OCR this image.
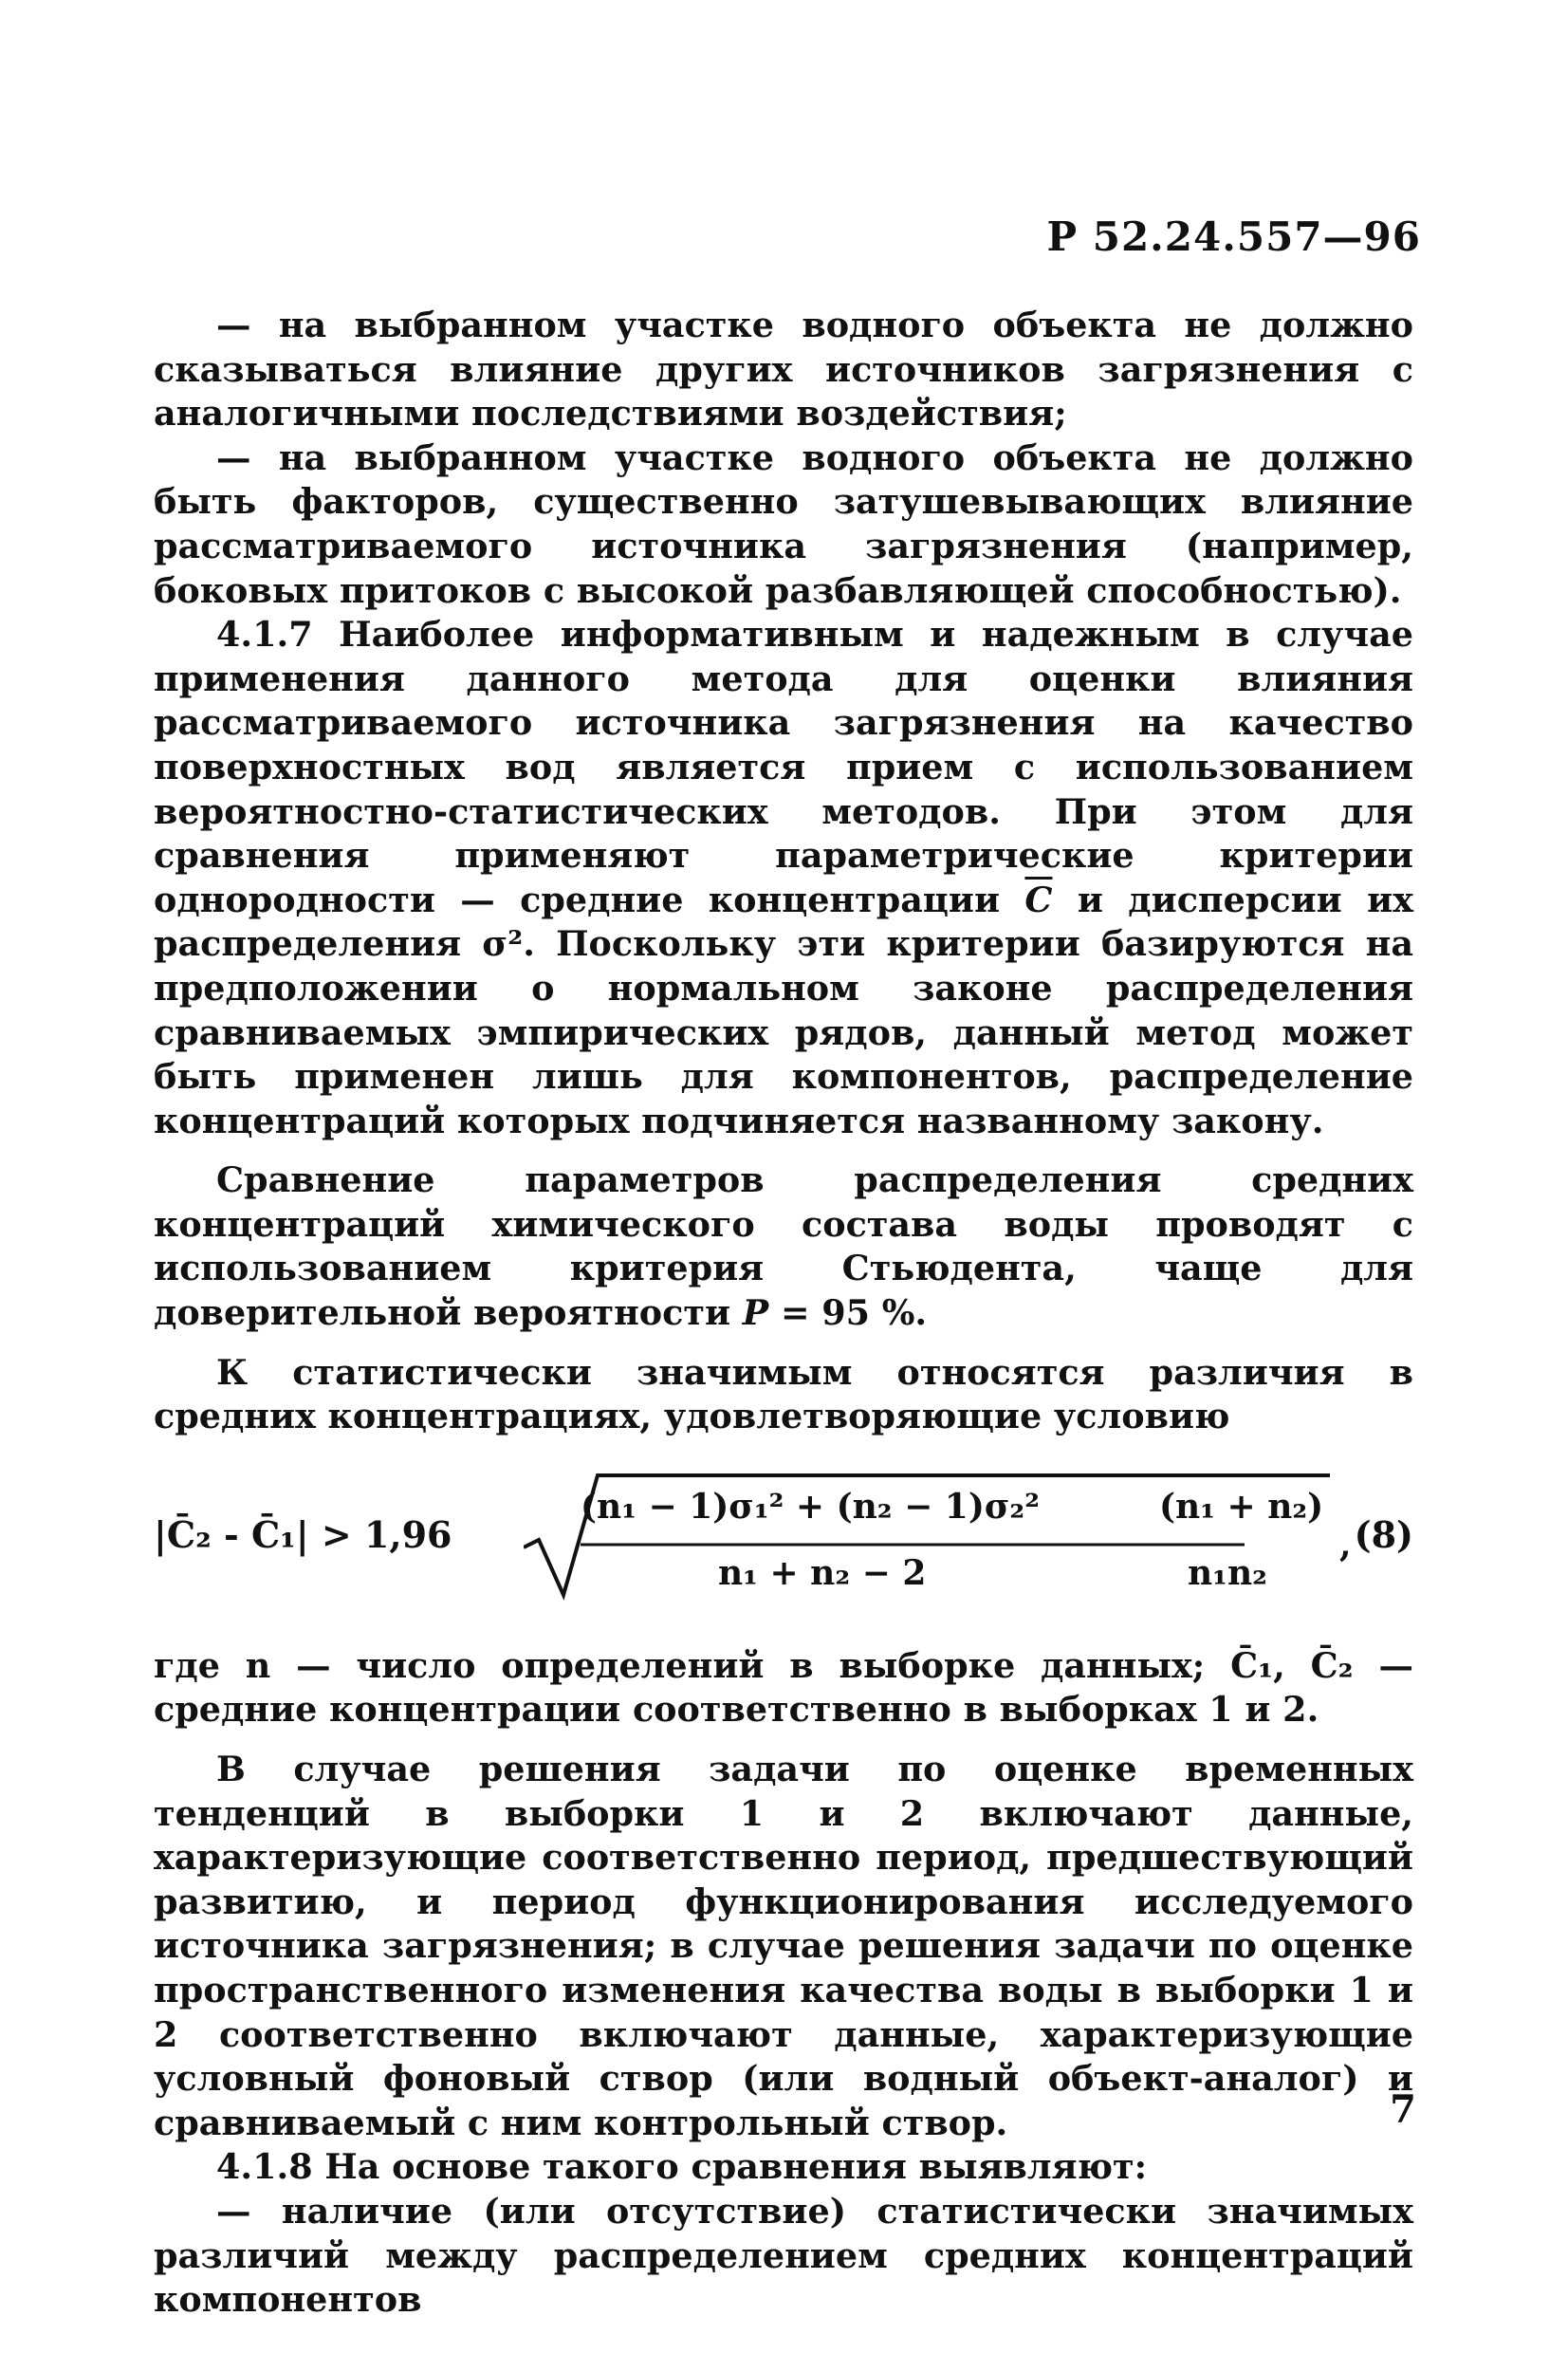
Р 52.24.557—96

— на выбранном участке водного объекта не должно сказываться влияние других источников загрязнения с аналогичными последствиями воздействия;

— на выбранном участке водного объекта не должно быть факторов, существенно затушевывающих влияние рассматриваемого источника загрязнения (например, боковых притоков с высокой разбавляющей способностью).

4.1.7 Наиболее информативным и надежным в случае применения данного метода для оценки влияния рассматриваемого источника загрязнения на качество поверхностных вод является прием с использованием вероятностно-статистических методов. При этом для сравнения применяют параметрические критерии однородности — средние концентрации $\overline{C}$ и дисперсии их распределения σ². Поскольку эти критерии базируются на предположении о нормальном законе распределения сравниваемых эмпирических рядов, данный метод может быть применен лишь для компонентов, распределение концентраций которых подчиняется названному закону.

Сравнение параметров распределения средних концентраций химического состава воды проводят с использованием критерия Стьюдента, чаще для доверительной вероятности P = 95 %.

К статистически значимым относятся различия в средних концентрациях, удовлетворяющие условию

|C̄₂ - C̄₁| > 1,96
(n₁ − 1)σ₁² + (n₂ − 1)σ₂²	(n₁ + n₂)
n₁ + n₂ − 2	n₁n₂
, (8)

где n — число определений в выборке данных; C̄₁, C̄₂ — средние концентрации соответственно в выборках 1 и 2.

В случае решения задачи по оценке временных тенденций в выборки 1 и 2 включают данные, характеризующие соответственно период, предшествующий развитию, и период функционирования исследуемого источника загрязнения; в случае решения задачи по оценке пространственного изменения качества воды в выборки 1 и 2 соответственно включают данные, характеризующие условный фоновый створ (или водный объект-аналог) и сравниваемый с ним контрольный створ.

4.1.8 На основе такого сравнения выявляют:

— наличие (или отсутствие) статистически значимых различий между распределением средних концентраций компонентов

7
